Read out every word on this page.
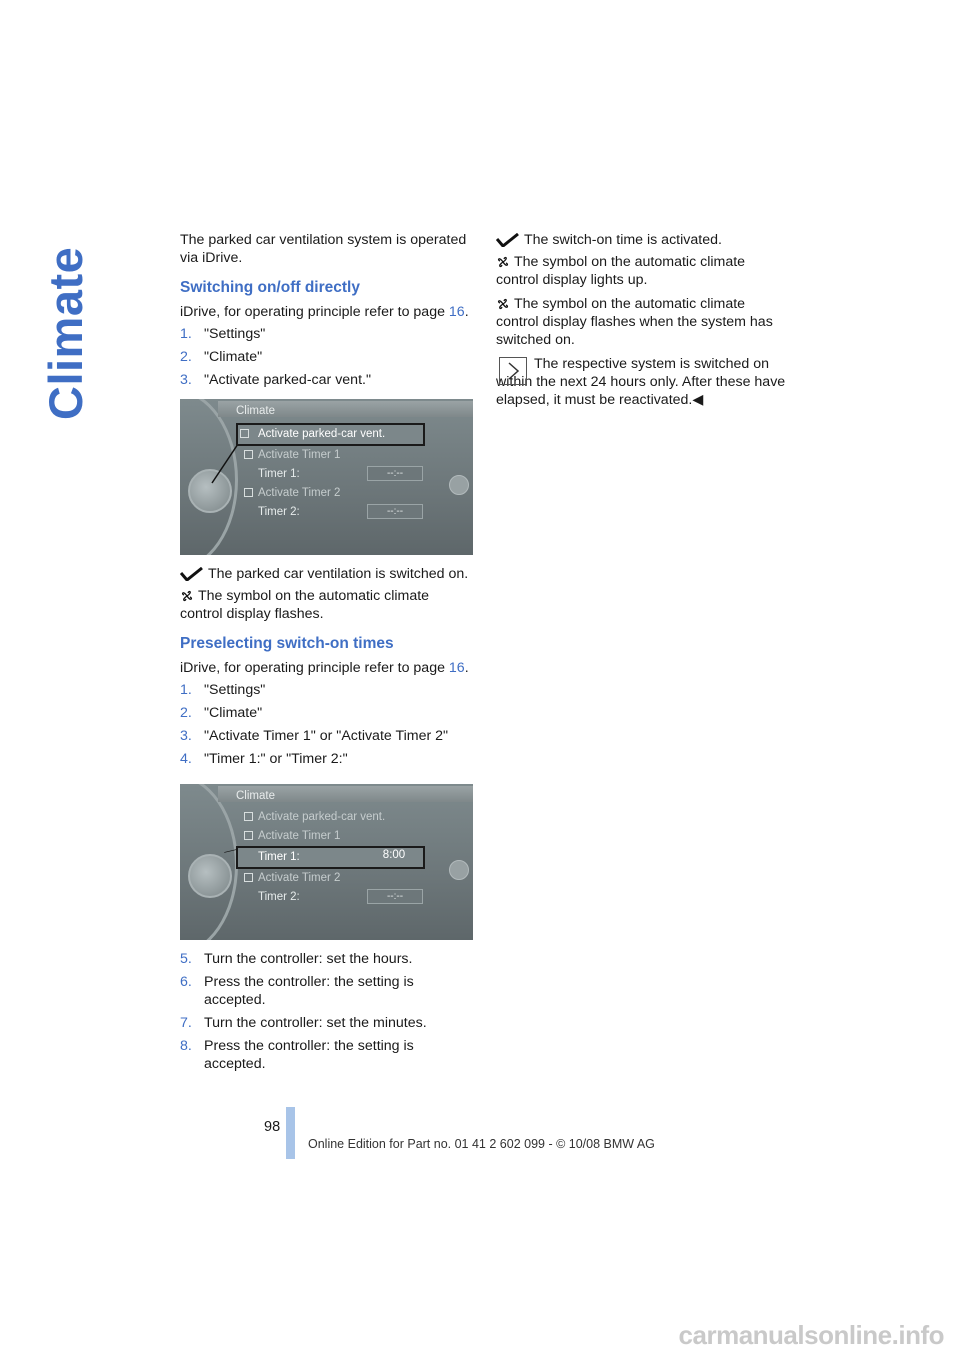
Climate

The parked car ventilation system is operated via iDrive.

Switching on/off directly

iDrive, for operating principle refer to page 16.

1. "Settings"
2. "Climate"
3. "Activate parked-car vent."
Climate
Activate parked-car vent.
Activate Timer 1
Timer 1:	--:--
Activate Timer 2
Timer 2:	--:--

The parked car ventilation is switched on.

The symbol on the automatic climate control display flashes.

Preselecting switch-on times

iDrive, for operating principle refer to page 16.

1. "Settings"
2. "Climate"
3. "Activate Timer 1" or "Activate Timer 2"
4. "Timer 1:" or "Timer 2:"
Climate
Activate parked-car vent.
Activate Timer 1
Timer 1:	8:00
Activate Timer 2
Timer 2:	--:--
5. Turn the controller: set the hours.
6. Press the controller: the setting is accepted.
7. Turn the controller: set the minutes.
8. Press the controller: the setting is accepted.

The switch-on time is activated.

The symbol on the automatic climate control display lights up.

The symbol on the automatic climate control display flashes when the system has switched on.

The respective system is switched on within the next 24 hours only. After these have elapsed, it must be reactivated.◀

98
Online Edition for Part no. 01 41 2 602 099 - © 10/08 BMW AG
carmanualsonline.info
